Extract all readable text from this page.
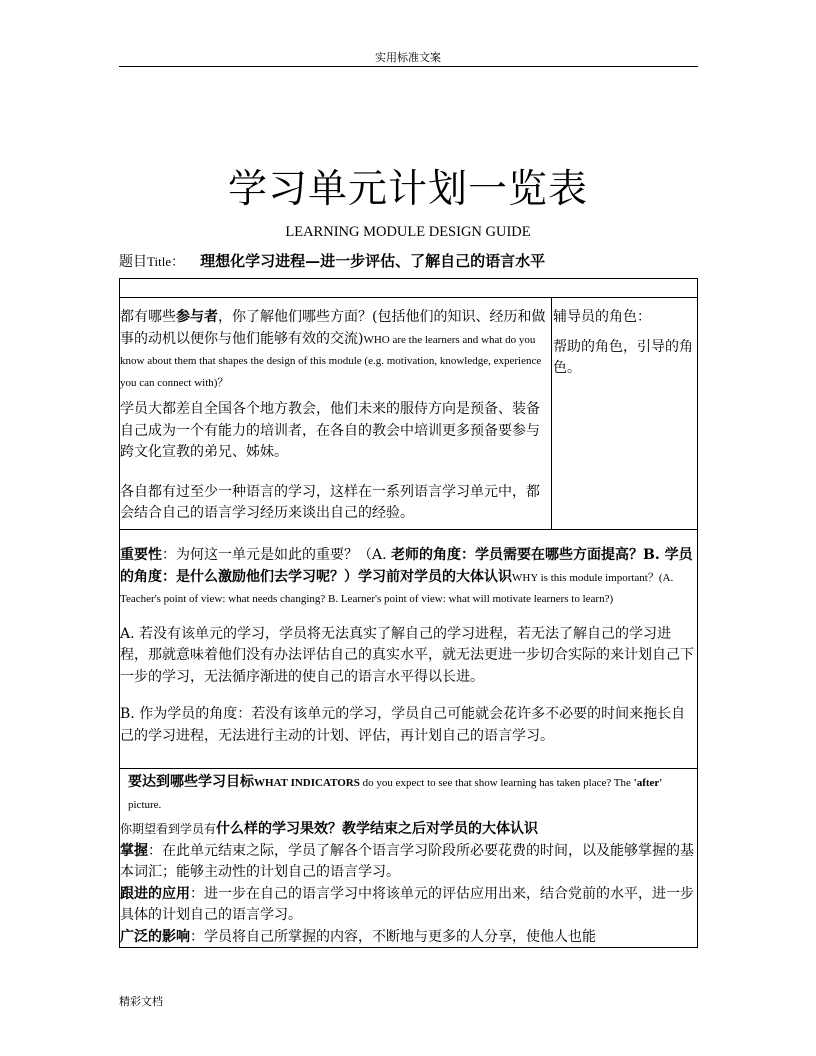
实用标准文案
学习单元计划一览表
LEARNING MODULE DESIGN GUIDE
题目Title： 理想化学习进程—进一步评估、了解自己的语言水平

都有哪些参与者，你了解他们哪些方面？(包括他们的知识、经历和做事的动机以便你与他们能够有效的交流)WHO are the learners and what do you know about them that shapes the design of this module (e.g. motivation, knowledge, experience you can connect with)？

学员大都差自全国各个地方教会，他们未来的服侍方向是预备、装备自己成为一个有能力的培训者，在各自的教会中培训更多预备要参与跨文化宣教的弟兄、姊妹。

各自都有过至少一种语言的学习，这样在一系列语言学习单元中，都会结合自己的语言学习经历来谈出自己的经验。

辅导员的角色：

帮助的角色，引导的角色。

重要性：为何这一单元是如此的重要？（A. 老师的角度：学员需要在哪些方面提高？B. 学员的角度：是什么激励他们去学习呢？）学习前对学员的大体认识WHY is this module important？(A. Teacher's point of view: what needs changing? B. Learner's point of view: what will motivate learners to learn?)

A. 若没有该单元的学习，学员将无法真实了解自己的学习进程，若无法了解自己的学习进程，那就意味着他们没有办法评估自己的真实水平，就无法更进一步切合实际的来计划自己下一步的学习，无法循序渐进的使自己的语言水平得以长进。

B. 作为学员的角度：若没有该单元的学习，学员自己可能就会花许多不必要的时间来拖长自己的学习进程，无法进行主动的计划、评估，再计划自己的语言学习。

要达到哪些学习目标WHAT INDICATORS do you expect to see that show learning has taken place? The 'after' picture.

你期望看到学员有什么样的学习果效？教学结束之后对学员的大体认识

掌握：在此单元结束之际，学员了解各个语言学习阶段所必要花费的时间，以及能够掌握的基本词汇；能够主动性的计划自己的语言学习。

跟进的应用：进一步在自己的语言学习中将该单元的评估应用出来，结合党前的水平，进一步具体的计划自己的语言学习。

广泛的影响：学员将自己所掌握的内容，不断地与更多的人分享，使他人也能

精彩文档
